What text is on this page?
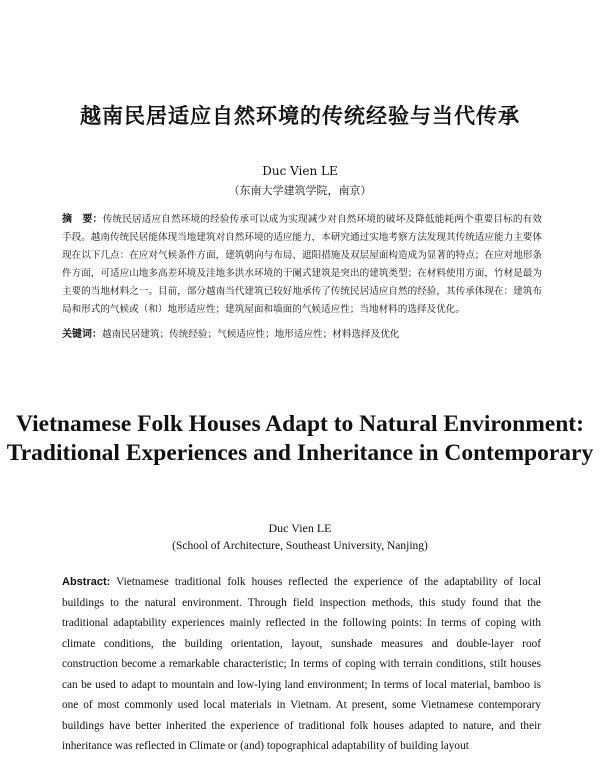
越南民居适应自然环境的传统经验与当代传承
Duc Vien LE
（东南大学建筑学院，南京）
摘　要：传统民居适应自然环境的经验传承可以成为实现减少对自然环境的破坏及降低能耗两个重要目标的有效手段。越南传统民居能体现当地建筑对自然环境的适应能力，本研究通过实地考察方法发现其传统适应能力主要体现在以下几点：在应对气候条件方面，建筑朝向与布局、遮阳措施及双层屋面构造成为显著的特点；在应对地形条件方面，可适应山地多高差环境及洼地多洪水环境的干阑式建筑是突出的建筑类型；在材料使用方面，竹材是最为主要的当地材料之一。目前，部分越南当代建筑已较好地承传了传统民居适应自然的经验，其传承体现在：建筑布局和形式的气候或（和）地形适应性；建筑屋面和墙面的气候适应性；当地材料的选择及优化。
关键词：越南民居建筑；传统经验；气候适应性；地形适应性；材料选择及优化
Vietnamese Folk Houses Adapt to Natural Environment: Traditional Experiences and Inheritance in Contemporary
Duc Vien LE
(School of Architecture, Southeast University, Nanjing)
Abstract: Vietnamese traditional folk houses reflected the experience of the adaptability of local buildings to the natural environment. Through field inspection methods, this study found that the traditional adaptability experiences mainly reflected in the following points: In terms of coping with climate conditions, the building orientation, layout, sunshade measures and double-layer roof construction become a remarkable characteristic; In terms of coping with terrain conditions, stilt houses can be used to adapt to mountain and low-lying land environment; In terms of local material, bamboo is one of most commonly used local materials in Vietnam. At present, some Vietnamese contemporary buildings have better inherited the experience of traditional folk houses adapted to nature, and their inheritance was reflected in Climate or (and) topographical adaptability of building layout
